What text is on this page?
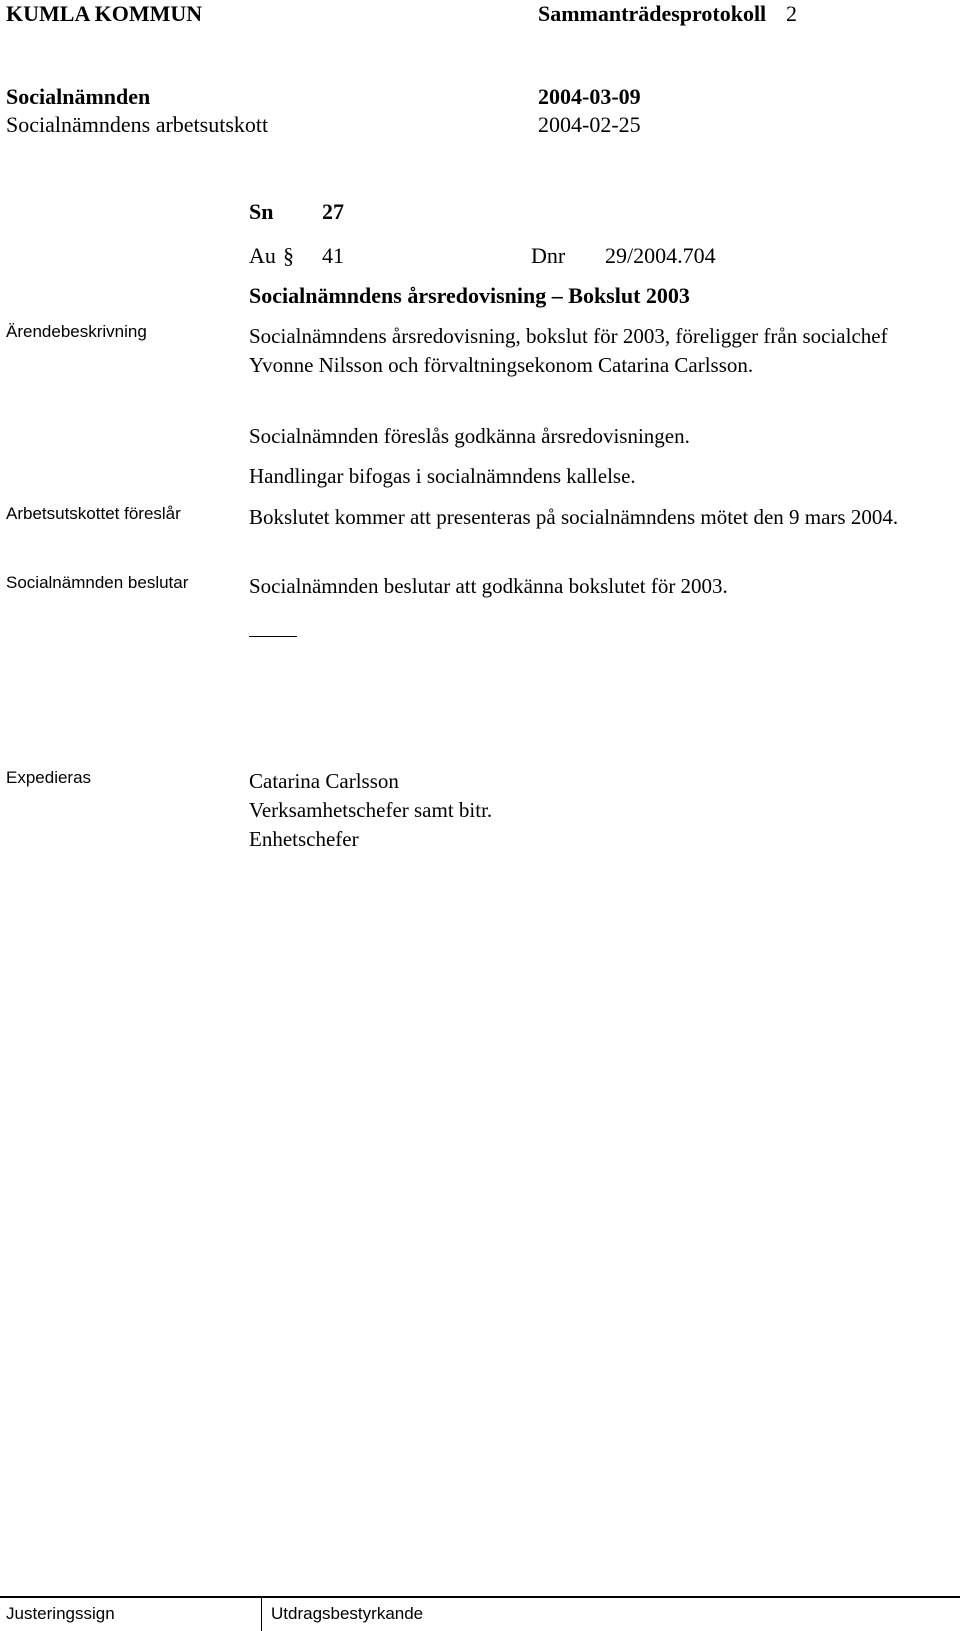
KUMLA KOMMUN	Sammanträdesprotokoll 2
Socialnämnden	2004-03-09
Socialnämndens arbetsutskott	2004-02-25
Sn 27
Au § 41	Dnr 29/2004.704
Socialnämndens årsredovisning – Bokslut 2003
Ärendebeskrivning	Socialnämndens årsredovisning, bokslut för 2003, föreligger från socialchef Yvonne Nilsson och förvaltningsekonom Catarina Carlsson.
Socialnämnden föreslås godkänna årsredovisningen.
Handlingar bifogas i socialnämndens kallelse.
Arbetsutskottet föreslår	Bokslutet kommer att presenteras på socialnämndens mötet den 9 mars 2004.
Socialnämnden beslutar	Socialnämnden beslutar att godkänna bokslutet för 2003.
Expedieras	Catarina Carlsson
Verksamhetschefer samt bitr.
Enhetschefer
Justeringssign	Utdragsbestyrkande
